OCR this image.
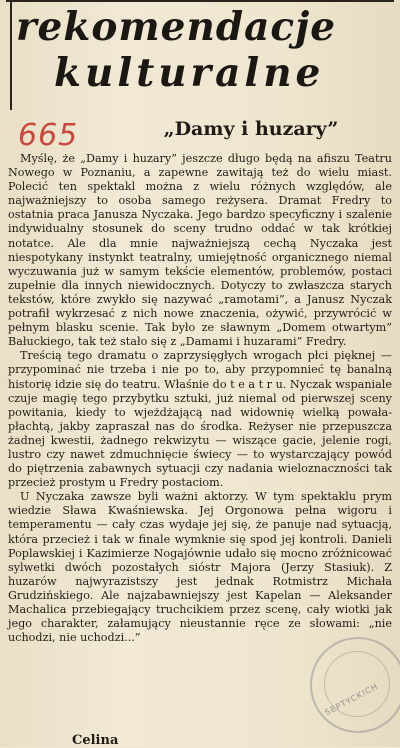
rekomendacje

kulturalne

665	„Damy i huzary”

Myślę, że „Damy i huzary” jeszcze długo będą na afiszu Teatru Nowego w Poznaniu, a zapewne zawitają też do wielu miast. Polecić ten spektakl można z wielu różnych względów, ale najważniejszy to osoba samego reżysera. Dramat Fredry to ostatnia praca Janusza Nyczaka. Jego bardzo specyficzny i szalenie indywidualny stosunek do sceny trudno oddać w tak krótkiej notatce. Ale dla mnie najważniejszą cechą Nyczaka jest niespotykany instynkt teatralny, umiejętność organicznego niemal wyczuwania już w samym tekście elementów, problemów, postaci zupełnie dla innych niewidocznych. Dotyczy to zwłaszcza starych tekstów, które zwykło się nazywać „ramotami”, a Janusz Nyczak potrafił wykrzesać z nich nowe znaczenia, ożywić, przywrócić w pełnym blasku scenie. Tak było ze sławnym „Domem otwartym” Bałuckiego, tak też stało się z „Damami i huzarami” Fredry.

Treścią tego dramatu o zaprzysięgłych wrogach płci pięknej — przypominać nie trzeba i nie po to, aby przypomnieć tę banalną historię idzie się do teatru. Właśnie do t e a t r u. Nyczak wspaniale czuje magię tego przybytku sztuki, już niemal od pierwszej sceny powitania, kiedy to wjeżdżającą nad widownię wielką powała-płachtą, jakby zapraszał nas do środka. Reżyser nie przepuszcza żadnej kwestii, żadnego rekwizytu — wiszące gacie, jelenie rogi, lustro czy nawet zdmuchnięcie świecy — to wystarczający powód do piętrzenia zabawnych sytuacji czy nadania wieloznaczności tak przecież prostym u Fredry postaciom.

U Nyczaka zawsze byli ważni aktorzy. W tym spektaklu prym wiedzie Sława Kwaśniewska. Jej Orgonowa pełna wigoru i temperamentu — cały czas wydaje jej się, że panuje nad sytuacją, która przecież i tak w finale wymknie się spod jej kontroli. Danieli Poplawskiej i Kazimierze Nogajównie udało się mocno zróżnicować sylwetki dwóch pozostałych sióstr Majora (Jerzy Stasiuk). Z huzarów najwyrazistszy jest jednak Rotmistrz Michała Grudzińskiego. Ale najzabawniejszy jest Kapelan — Aleksander Machalica przebiegający truchcikiem przez scenę, cały wiotki jak jego charakter, załamujący nieustannie ręce ze słowami: „nie uchodzi, nie uchodzi...”

SEPTYCKICH
Celina
